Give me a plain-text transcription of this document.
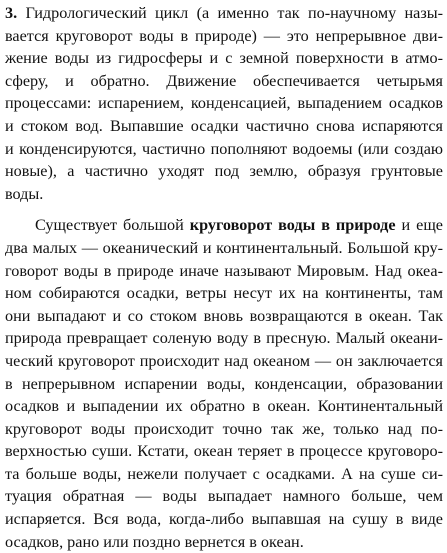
3. Гидрологический цикл (а именно так по-научному назы-
вается круговорот воды в природе) — это непрерывное дви-
жение воды из гидросферы и с земной поверхности в атмо-
сферу, и обратно. Движение обеспечивается четырьмя
процессами: испарением, конденсацией, выпадением осадков
и стоком вод. Выпавшие осадки частично снова испаряются
и конденсируются, частично пополняют водоемы (или создаю
новые), а частично уходят под землю, образуя грунтовые
воды.
Существует большой круговорот воды в природе и еще
два малых — океанический и континентальный. Большой кру-
говорот воды в природе иначе называют Мировым. Над океа-
ном собираются осадки, ветры несут их на континенты, там
они выпадают и со стоком вновь возвращаются в океан. Так
природа превращает соленую воду в пресную. Малый океани-
ческий круговорот происходит над океаном — он заключается
в непрерывном испарении воды, конденсации, образовании
осадков и выпадении их обратно в океан. Континентальный
круговорот воды происходит точно так же, только над по-
верхностью суши. Кстати, океан теряет в процессе круговоро-
та больше воды, нежели получает с осадками. А на суше си-
туация обратная — воды выпадает намного больше, чем
испаряется. Вся вода, когда-либо выпавшая на сушу в виде
осадков, рано или поздно вернется в океан.
